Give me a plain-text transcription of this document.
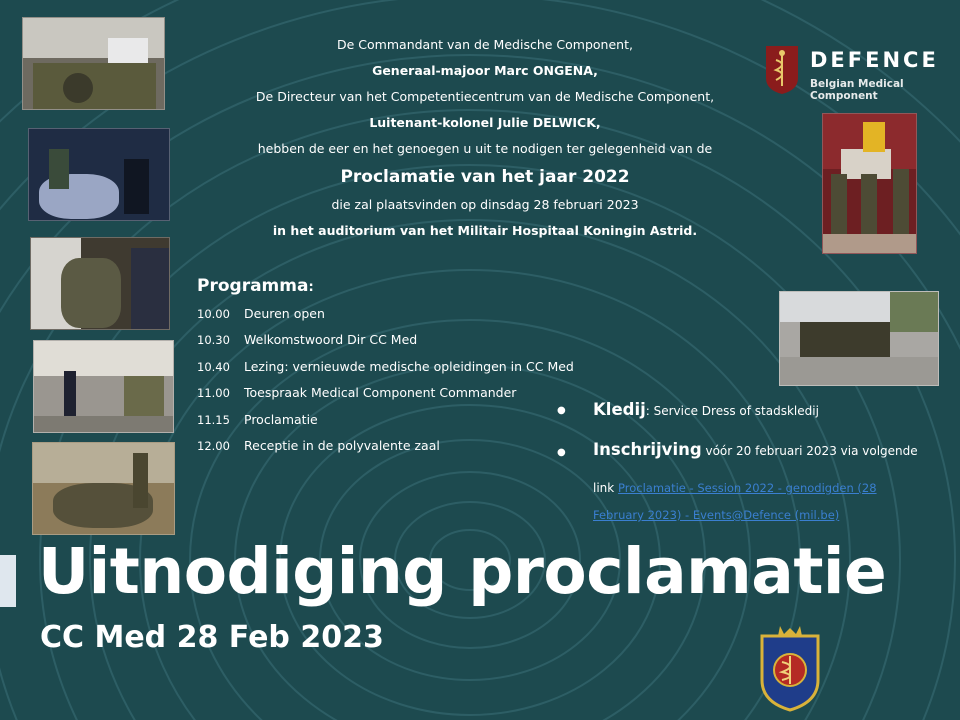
DEFENCE
Belgian Medical Component
De Commandant van de Medische Component,
Generaal-majoor Marc ONGENA,
De Directeur van het Competentiecentrum van de Medische Component,
Luitenant-kolonel Julie DELWICK,
hebben de eer en het genoegen u uit te nodigen ter gelegenheid van de
Proclamatie van het jaar 2022
die zal plaatsvinden op dinsdag 28 februari 2023
in het auditorium van het Militair Hospitaal Koningin Astrid.
Programma:
10.00	Deuren open
10.30	Welkomstwoord Dir CC Med
10.40	Lezing: vernieuwde medische opleidingen in CC Med
11.00	Toespraak Medical Component Commander
11.15	Proclamatie
12.00	Receptie in de polyvalente zaal
● Kledij: Service Dress of stadskledij
● Inschrijving vóór 20 februari 2023 via volgende
link Proclamatie - Session 2022 - genodigden (28
February 2023) - Events@Defence (mil.be)
Uitnodiging proclamatie
CC Med 28 Feb 2023
